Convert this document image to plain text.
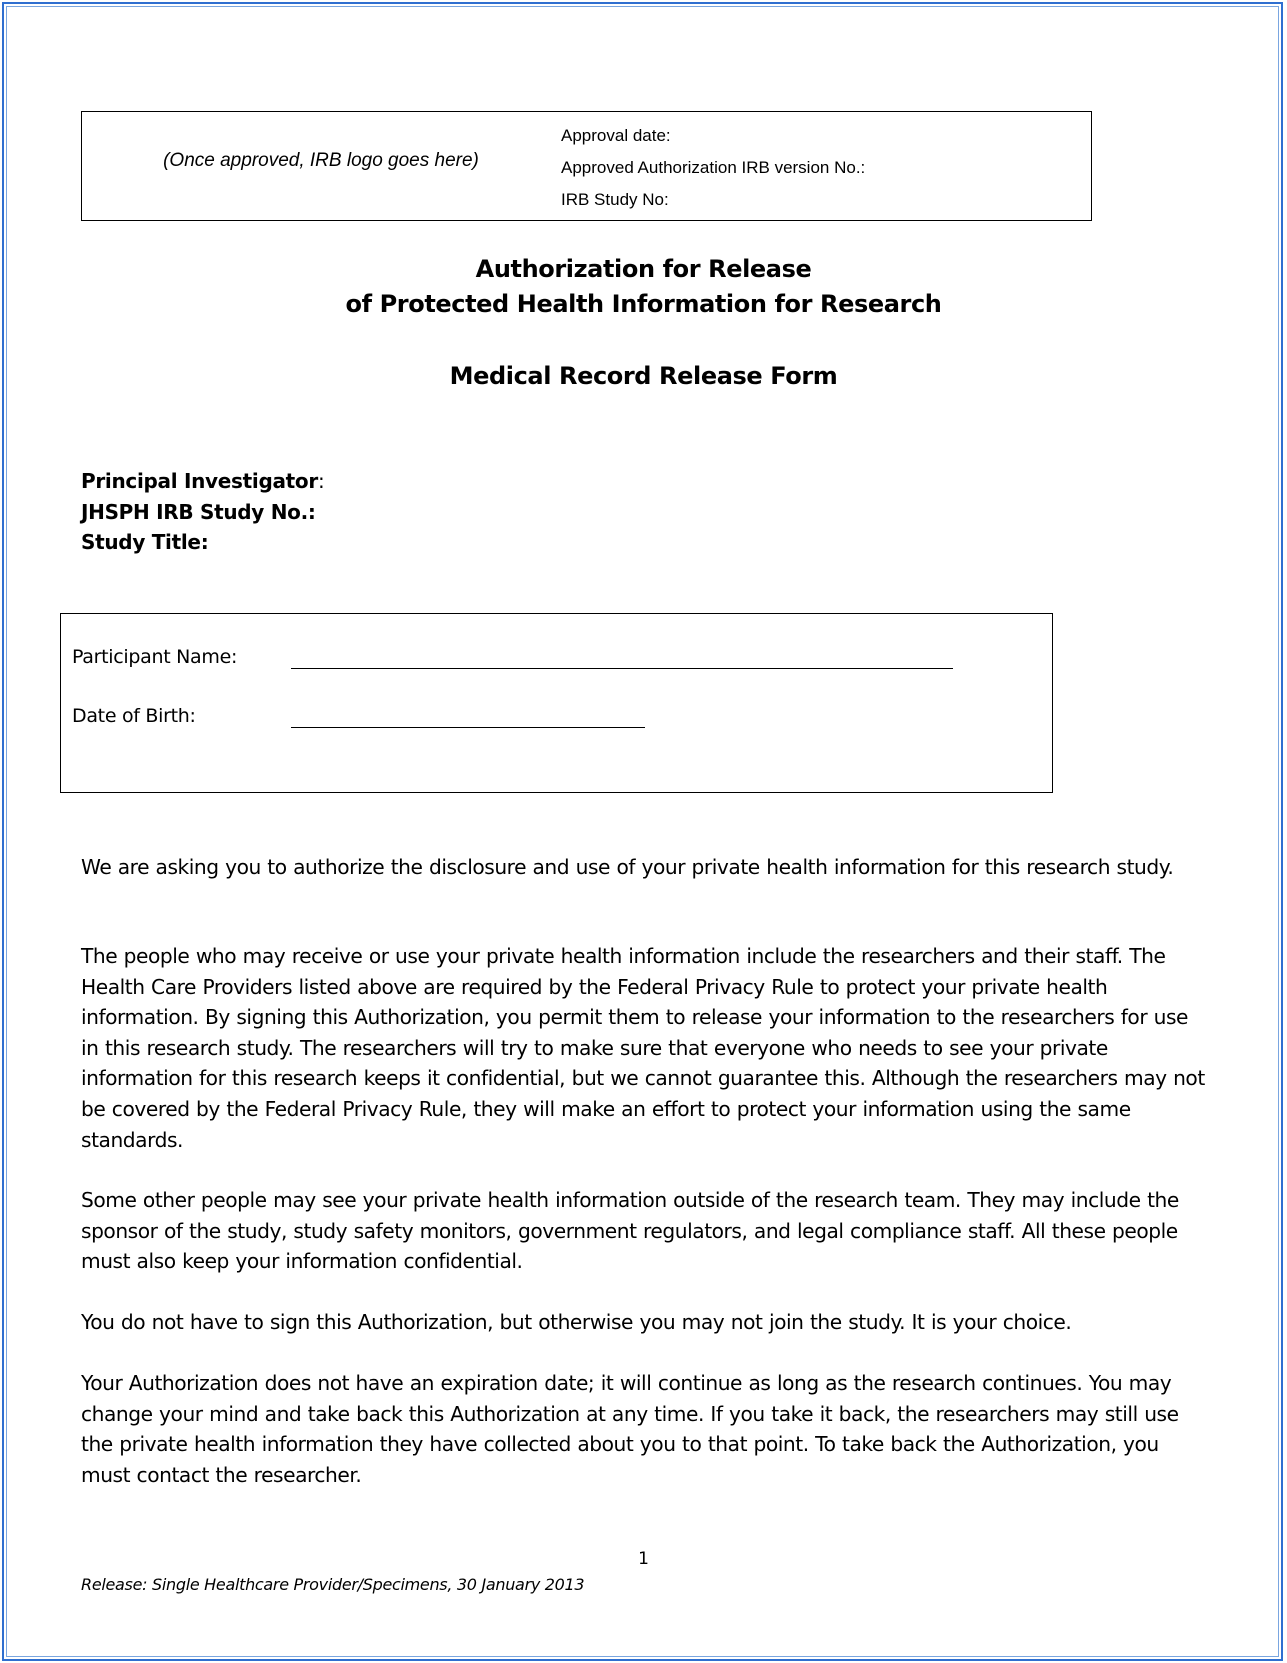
(Once approved, IRB logo goes here)
Approval date:
Approved Authorization IRB version No.:
IRB Study No:
Authorization for Release
of Protected Health Information for Research
Medical Record Release Form
Principal Investigator:
JHSPH IRB Study No.:
Study Title:
Participant Name:
Date of Birth:

We are asking you to authorize the disclosure and use of your private health information for this research study.

The people who may receive or use your private health information include the researchers and their staff. The Health Care Providers listed above are required by the Federal Privacy Rule to protect your private health information. By signing this Authorization, you permit them to release your information to the researchers for use in this research study. The researchers will try to make sure that everyone who needs to see your private information for this research keeps it confidential, but we cannot guarantee this. Although the researchers may not be covered by the Federal Privacy Rule, they will make an effort to protect your information using the same standards.

Some other people may see your private health information outside of the research team. They may include the sponsor of the study, study safety monitors, government regulators, and legal compliance staff. All these people must also keep your information confidential.

You do not have to sign this Authorization, but otherwise you may not join the study. It is your choice.

Your Authorization does not have an expiration date; it will continue as long as the research continues. You may change your mind and take back this Authorization at any time. If you take it back, the researchers may still use the private health information they have collected about you to that point. To take back the Authorization, you must contact the researcher.

1
Release: Single Healthcare Provider/Specimens, 30 January 2013
